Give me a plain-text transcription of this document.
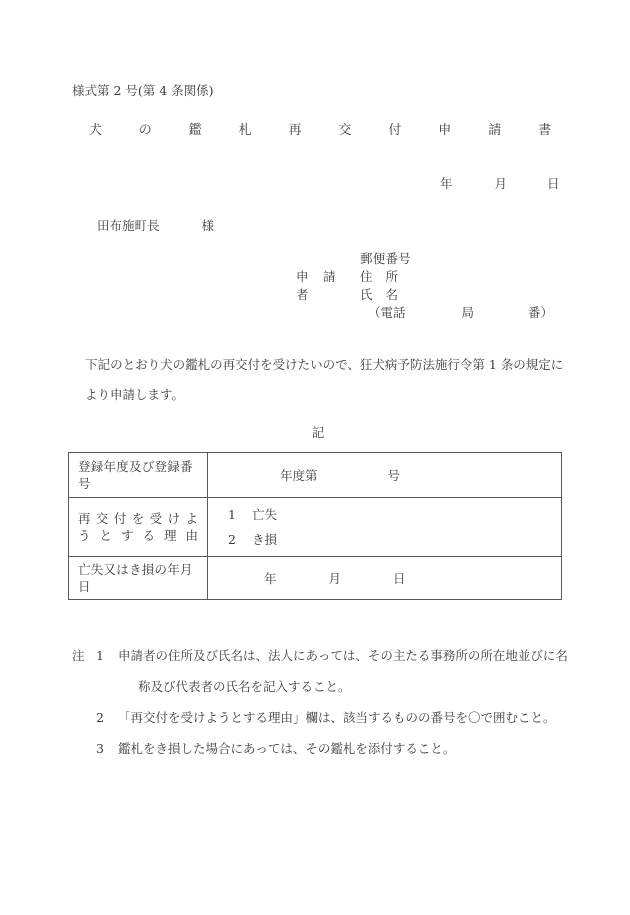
様式第 2 号(第 4 条関係)
犬　の　鑑　札　再　交　付　申　請　書
年	月	日
田布施町長	様
郵便番号
申 請 者
住　所
氏　名
（電話	局	番）
下記のとおり犬の鑑札の再交付を受けたいので、狂犬病予防法施行令第 1 条の規定に
より申請します。
記
登録年度及び登録番号	年度第 号

再交付を受けよ
うとする理由	1 亡失
2 き損

亡失又はき損の年月日	年 月 日
注 1	申請者の住所及び氏名は、法人にあっては、その主たる事務所の所在地並びに名
称及び代表者の氏名を記入すること。
2	「再交付を受けようとする理由」欄は、該当するものの番号を〇で囲むこと。
3	鑑札をき損した場合にあっては、その鑑札を添付すること。
